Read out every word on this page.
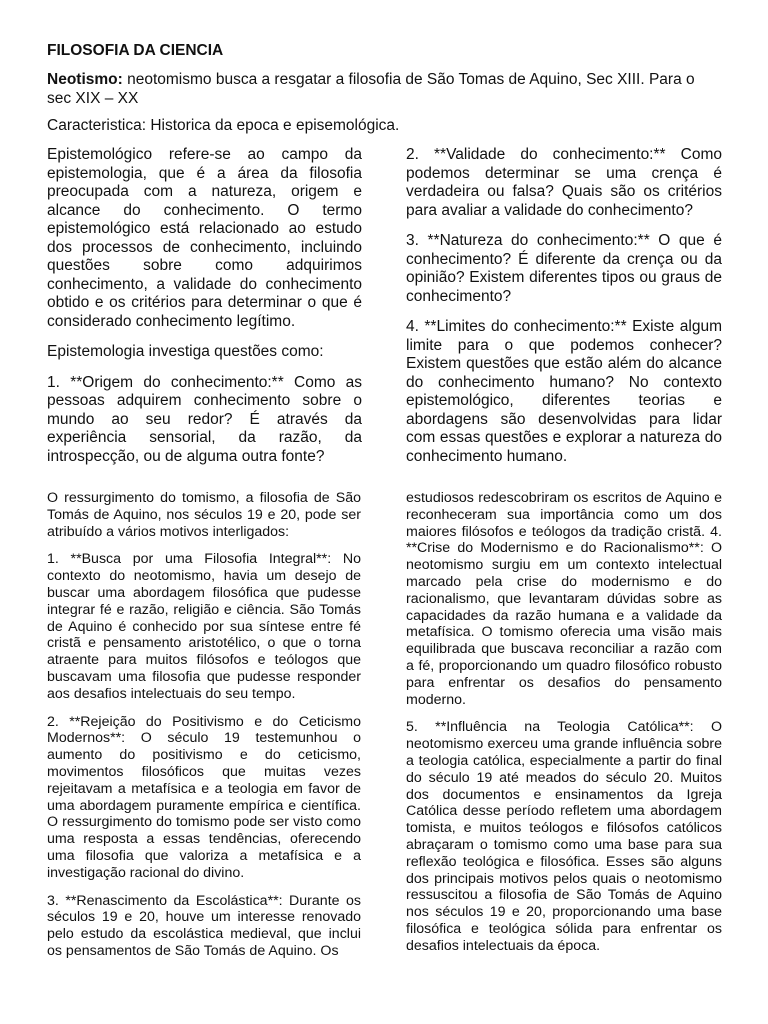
FILOSOFIA DA CIENCIA

Neotismo: neotomismo busca a resgatar a filosofia de São Tomas de Aquino, Sec XIII. Para o sec XIX – XX

Caracteristica: Historica da epoca e episemológica.

Epistemológico refere-se ao campo da epistemologia, que é a área da filosofia preocupada com a natureza, origem e alcance do conhecimento. O termo epistemológico está relacionado ao estudo dos processos de conhecimento, incluindo questões sobre como adquirimos conhecimento, a validade do conhecimento obtido e os critérios para determinar o que é considerado conhecimento legítimo.

Epistemologia investiga questões como:

1. **Origem do conhecimento:** Como as pessoas adquirem conhecimento sobre o mundo ao seu redor? É através da experiência sensorial, da razão, da introspecção, ou de alguma outra fonte?

2. **Validade do conhecimento:** Como podemos determinar se uma crença é verdadeira ou falsa? Quais são os critérios para avaliar a validade do conhecimento?

3. **Natureza do conhecimento:** O que é conhecimento? É diferente da crença ou da opinião? Existem diferentes tipos ou graus de conhecimento?

4. **Limites do conhecimento:** Existe algum limite para o que podemos conhecer? Existem questões que estão além do alcance do conhecimento humano? No contexto epistemológico, diferentes teorias e abordagens são desenvolvidas para lidar com essas questões e explorar a natureza do conhecimento humano.

O ressurgimento do tomismo, a filosofia de São Tomás de Aquino, nos séculos 19 e 20, pode ser atribuído a vários motivos interligados:

1. **Busca por uma Filosofia Integral**: No contexto do neotomismo, havia um desejo de buscar uma abordagem filosófica que pudesse integrar fé e razão, religião e ciência. São Tomás de Aquino é conhecido por sua síntese entre fé cristã e pensamento aristotélico, o que o torna atraente para muitos filósofos e teólogos que buscavam uma filosofia que pudesse responder aos desafios intelectuais do seu tempo.

2. **Rejeição do Positivismo e do Ceticismo Modernos**: O século 19 testemunhou o aumento do positivismo e do ceticismo, movimentos filosóficos que muitas vezes rejeitavam a metafísica e a teologia em favor de uma abordagem puramente empírica e científica. O ressurgimento do tomismo pode ser visto como uma resposta a essas tendências, oferecendo uma filosofia que valoriza a metafísica e a investigação racional do divino.

3. **Renascimento da Escolástica**: Durante os séculos 19 e 20, houve um interesse renovado pelo estudo da escolástica medieval, que inclui os pensamentos de São Tomás de Aquino. Os

estudiosos redescobriram os escritos de Aquino e reconheceram sua importância como um dos maiores filósofos e teólogos da tradição cristã. 4. **Crise do Modernismo e do Racionalismo**: O neotomismo surgiu em um contexto intelectual marcado pela crise do modernismo e do racionalismo, que levantaram dúvidas sobre as capacidades da razão humana e a validade da metafísica. O tomismo oferecia uma visão mais equilibrada que buscava reconciliar a razão com a fé, proporcionando um quadro filosófico robusto para enfrentar os desafios do pensamento moderno.

5. **Influência na Teologia Católica**: O neotomismo exerceu uma grande influência sobre a teologia católica, especialmente a partir do final do século 19 até meados do século 20. Muitos dos documentos e ensinamentos da Igreja Católica desse período refletem uma abordagem tomista, e muitos teólogos e filósofos católicos abraçaram o tomismo como uma base para sua reflexão teológica e filosófica. Esses são alguns dos principais motivos pelos quais o neotomismo ressuscitou a filosofia de São Tomás de Aquino nos séculos 19 e 20, proporcionando uma base filosófica e teológica sólida para enfrentar os desafios intelectuais da época.
